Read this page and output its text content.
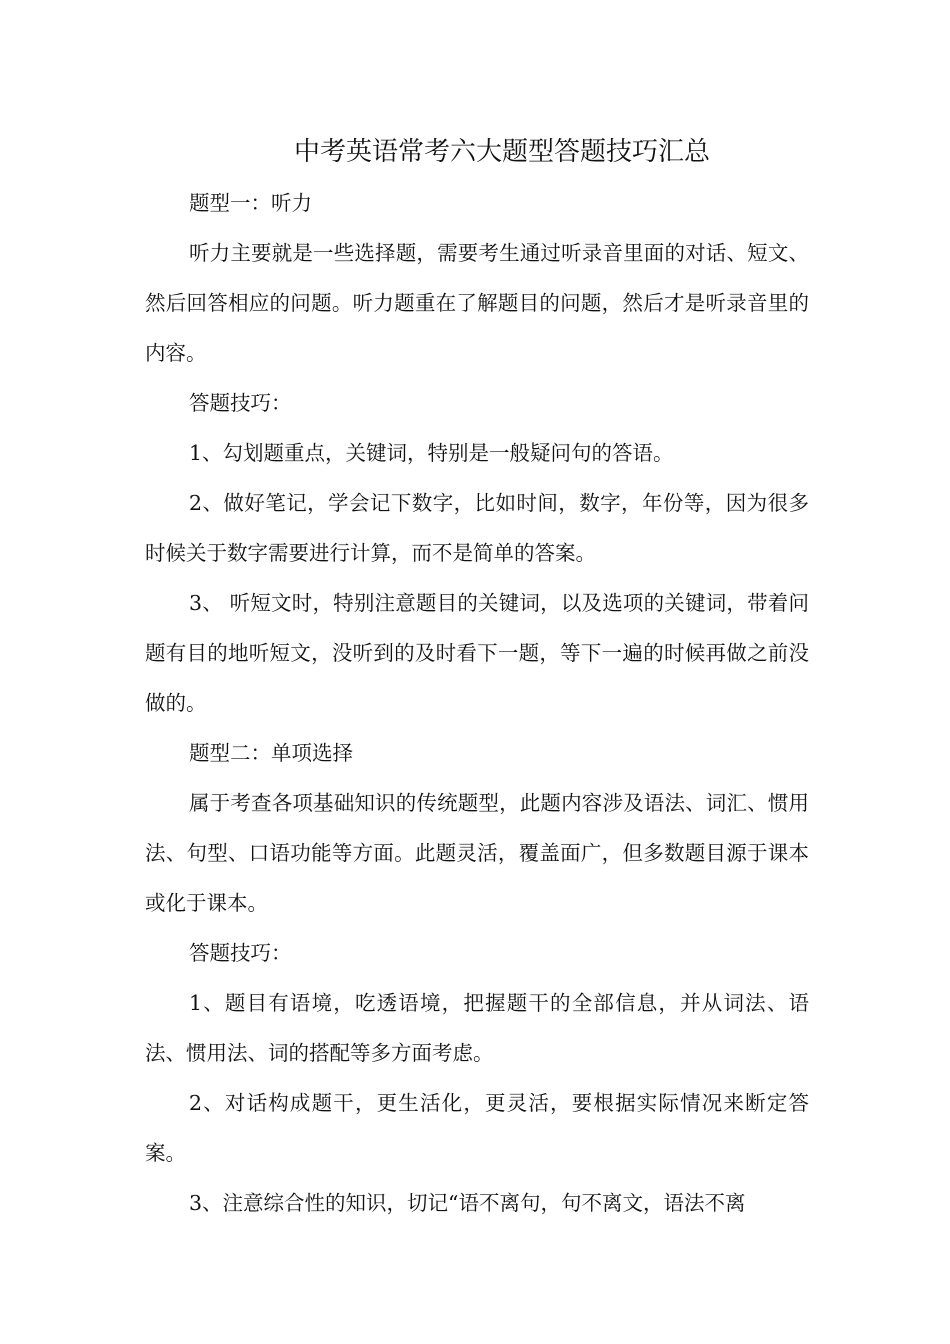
中考英语常考六大题型答题技巧汇总

题型一：听力

听力主要就是一些选择题，需要考生通过听录音里面的对话、短文、然后回答相应的问题。听力题重在了解题目的问题，然后才是听录音里的内容。

答题技巧：

1、勾划题重点，关键词，特别是一般疑问句的答语。

2、做好笔记，学会记下数字，比如时间，数字，年份等，因为很多时候关于数字需要进行计算，而不是简单的答案。

3、 听短文时，特别注意题目的关键词，以及选项的关键词，带着问题有目的地听短文，没听到的及时看下一题，等下一遍的时候再做之前没做的。

题型二：单项选择

属于考查各项基础知识的传统题型，此题内容涉及语法、词汇、惯用法、句型、口语功能等方面。此题灵活，覆盖面广，但多数题目源于课本或化于课本。

答题技巧：

1、题目有语境，吃透语境，把握题干的全部信息，并从词法、语法、惯用法、词的搭配等多方面考虑。

2、对话构成题干，更生活化，更灵活，要根据实际情况来断定答案。

3、注意综合性的知识，切记“语不离句，句不离文，语法不离
